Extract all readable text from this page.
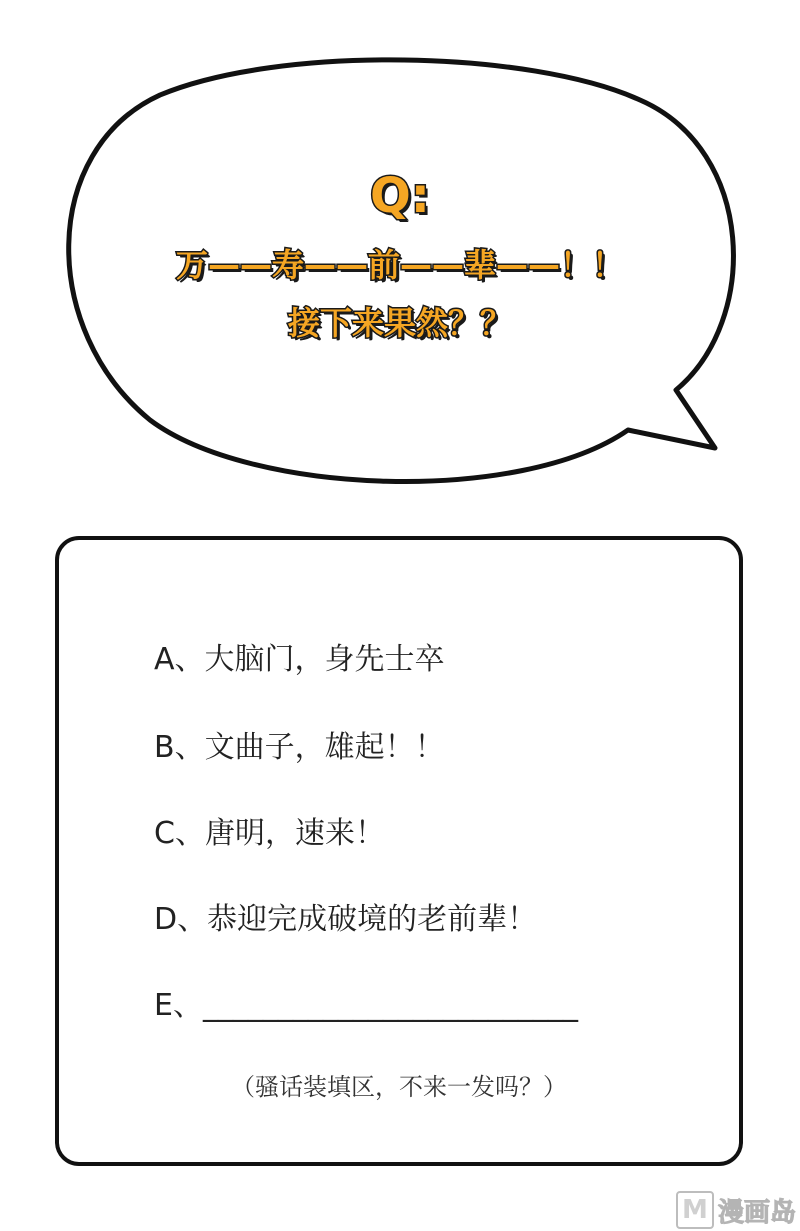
Q:
万——寿——前——辈——！！
接下来果然？？
A、大脑门，身先士卒
B、文曲子，雄起！！
C、唐明，速来！
D、恭迎完成破境的老前辈！
E、_________________________
（骚话装填区，不来一发吗？）
M 漫画岛
